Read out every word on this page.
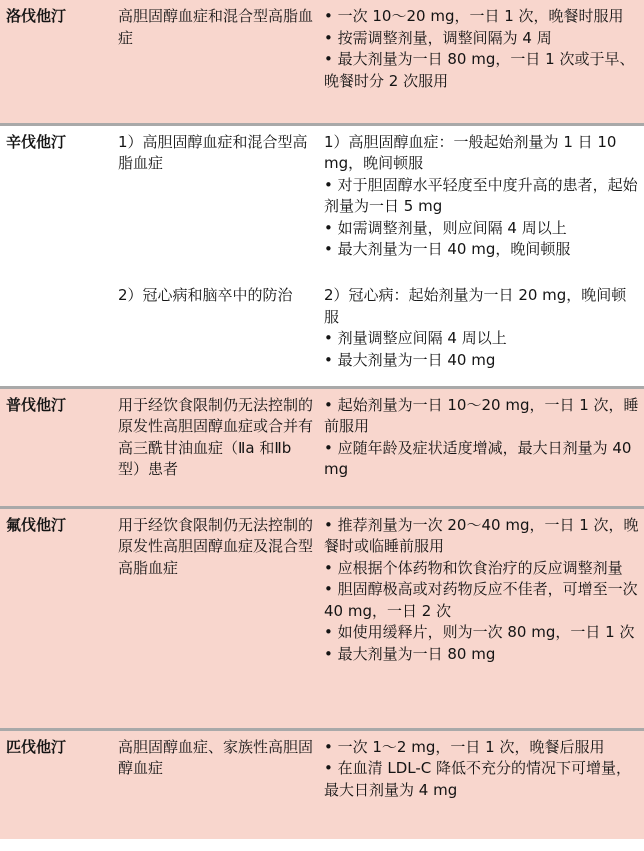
洛伐他汀	高胆固醇血症和混合型高脂血症	• 一次 10～20 mg，一日 1 次，晚餐时服用
• 按需调整剂量，调整间隔为 4 周
• 最大剂量为一日 80 mg，一日 1 次或于早、晚餐时分 2 次服用

辛伐他汀	1）高胆固醇血症和混合型高脂血症	1）高胆固醇血症：一般起始剂量为 1 日 10 mg，晚间顿服
• 对于胆固醇水平轻度至中度升高的患者，起始剂量为一日 5 mg
• 如需调整剂量，则应间隔 4 周以上
• 最大剂量为一日 40 mg，晚间顿服

	2）冠心病和脑卒中的防治	2）冠心病：起始剂量为一日 20 mg，晚间顿服
• 剂量调整应间隔 4 周以上
• 最大剂量为一日 40 mg

普伐他汀	用于经饮食限制仍无法控制的原发性高胆固醇血症或合并有高三酰甘油血症（Ⅱa 和Ⅱb 型）患者	• 起始剂量为一日 10～20 mg，一日 1 次，睡前服用
• 应随年龄及症状适度增减，最大日剂量为 40 mg

氟伐他汀	用于经饮食限制仍无法控制的原发性高胆固醇血症及混合型高脂血症	• 推荐剂量为一次 20～40 mg，一日 1 次，晚餐时或临睡前服用
• 应根据个体药物和饮食治疗的反应调整剂量
• 胆固醇极高或对药物反应不佳者，可增至一次 40 mg，一日 2 次
• 如使用缓释片，则为一次 80 mg，一日 1 次
• 最大剂量为一日 80 mg

匹伐他汀	高胆固醇血症、家族性高胆固醇血症	• 一次 1～2 mg，一日 1 次，晚餐后服用
• 在血清 LDL-C 降低不充分的情况下可增量，最大日剂量为 4 mg
